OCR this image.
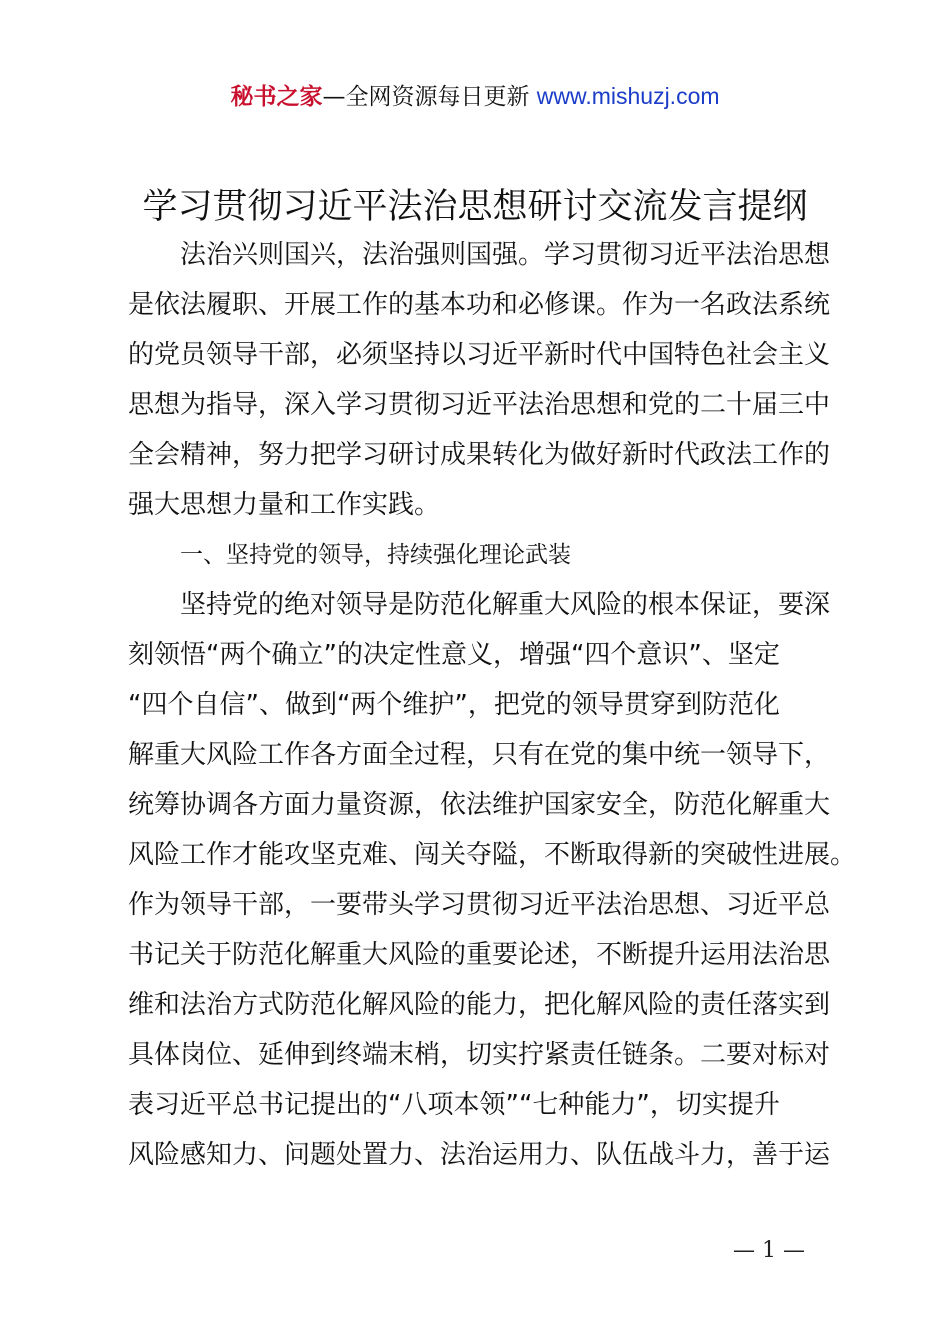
秘书之家—全网资源每日更新 www.mishuzj.com
学习贯彻习近平法治思想研讨交流发言提纲
法治兴则国兴，法治强则国强。学习贯彻习近平法治思想
是依法履职、开展工作的基本功和必修课。作为一名政法系统
的党员领导干部，必须坚持以习近平新时代中国特色社会主义
思想为指导，深入学习贯彻习近平法治思想和党的二十届三中
全会精神，努力把学习研讨成果转化为做好新时代政法工作的
强大思想力量和工作实践。
一、坚持党的领导，持续强化理论武装
坚持党的绝对领导是防范化解重大风险的根本保证，要深
刻领悟“两个确立”的决定性意义，增强“四个意识”、坚定
“四个自信”、做到“两个维护”，把党的领导贯穿到防范化
解重大风险工作各方面全过程，只有在党的集中统一领导下，
统筹协调各方面力量资源，依法维护国家安全，防范化解重大
风险工作才能攻坚克难、闯关夺隘，不断取得新的突破性进展。
作为领导干部，一要带头学习贯彻习近平法治思想、习近平总
书记关于防范化解重大风险的重要论述，不断提升运用法治思
维和法治方式防范化解风险的能力，把化解风险的责任落实到
具体岗位、延伸到终端末梢，切实拧紧责任链条。二要对标对
表习近平总书记提出的“八项本领”“七种能力”，切实提升
风险感知力、问题处置力、法治运用力、队伍战斗力，善于运
— 1 —
